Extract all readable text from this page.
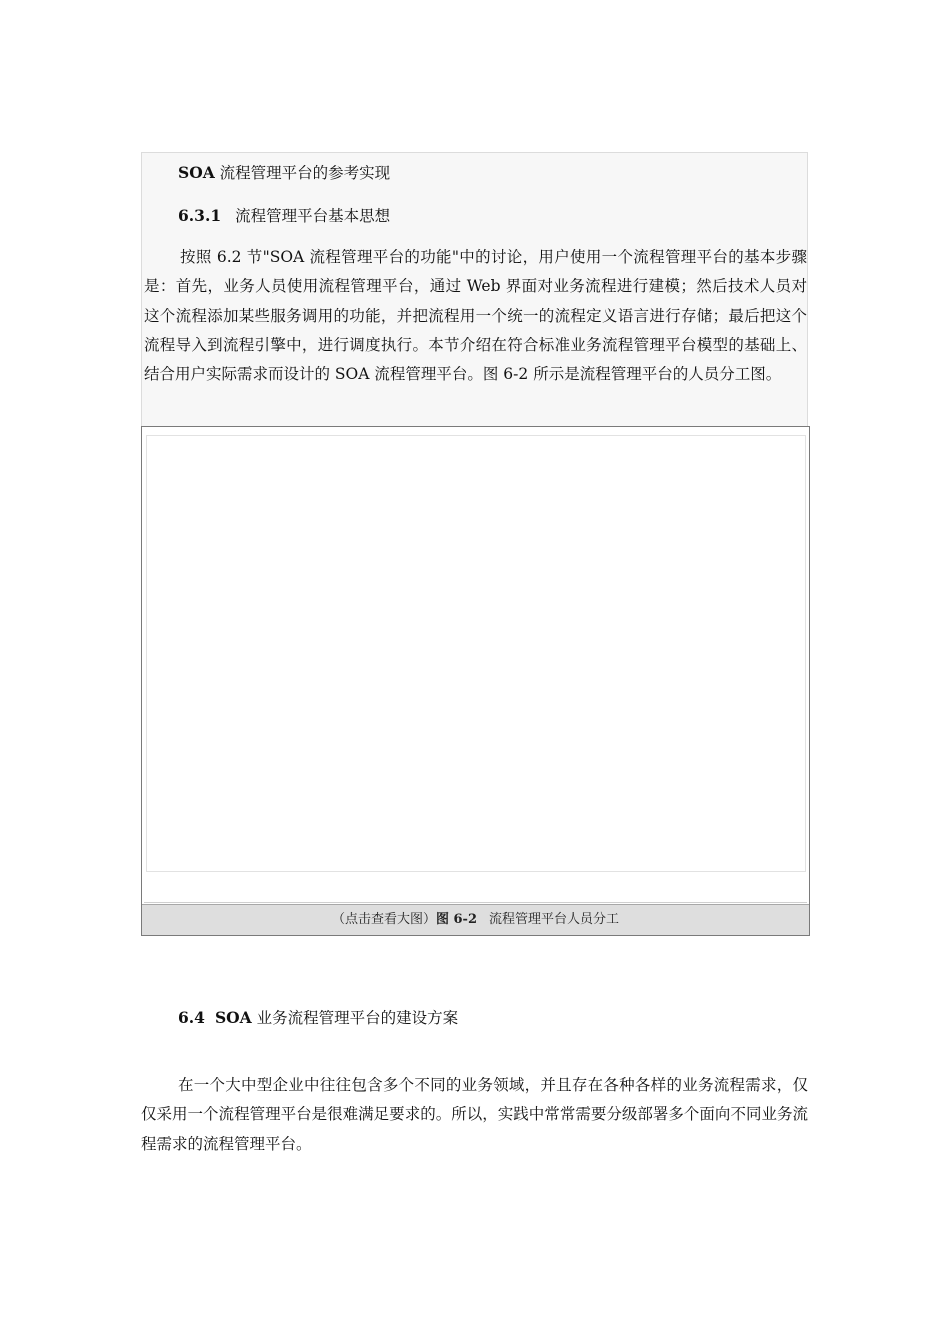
SOA 流程管理平台的参考实现
6.3.1 流程管理平台基本思想
按照 6.2 节"SOA 流程管理平台的功能"中的讨论，用户使用一个流程管理平台的基本步骤是：首先，业务人员使用流程管理平台，通过 Web 界面对业务流程进行建模；然后技术人员对这个流程添加某些服务调用的功能，并把流程用一个统一的流程定义语言进行存储；最后把这个流程导入到流程引擎中，进行调度执行。本节介绍在符合标准业务流程管理平台模型的基础上、结合用户实际需求而设计的 SOA 流程管理平台。图 6-2 所示是流程管理平台的人员分工图。
（点击查看大图）图 6-2 流程管理平台人员分工
6.4 SOA 业务流程管理平台的建设方案
在一个大中型企业中往往包含多个不同的业务领域，并且存在各种各样的业务流程需求，仅仅采用一个流程管理平台是很难满足要求的。所以，实践中常常需要分级部署多个面向不同业务流程需求的流程管理平台。
